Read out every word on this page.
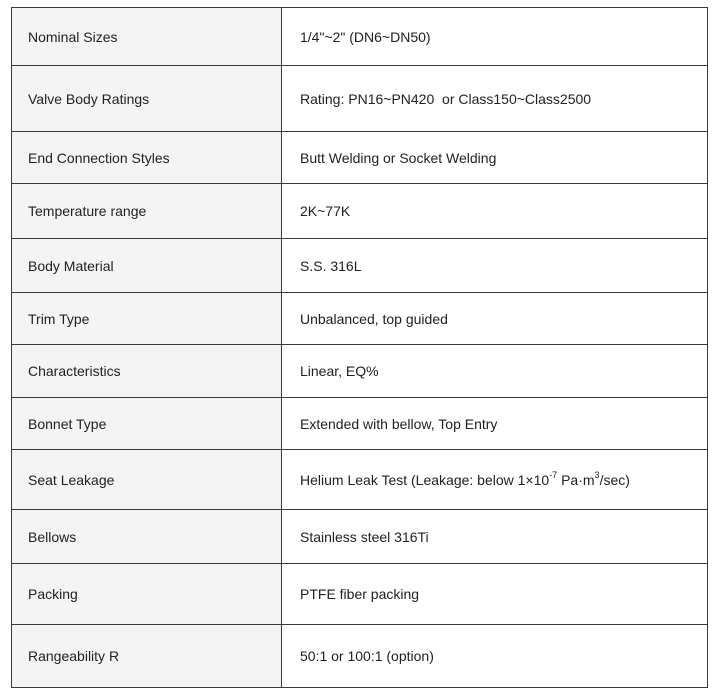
Nominal Sizes	1/4"~2" (DN6~DN50)
Valve Body Ratings	Rating: PN16~PN420  or Class150~Class2500
End Connection Styles	Butt Welding or Socket Welding
Temperature range	2K~77K
Body Material	S.S. 316L
Trim Type	Unbalanced, top guided
Characteristics	Linear, EQ%
Bonnet Type	Extended with bellow, Top Entry
Seat Leakage	Helium Leak Test (Leakage: below $1\times 10^{-7}$ $Pa\cdot m^3/\sec$)
Bellows	Stainless steel 316Ti
Packing	PTFE fiber packing
Rangeability R	50:1 or 100:1 (option)
